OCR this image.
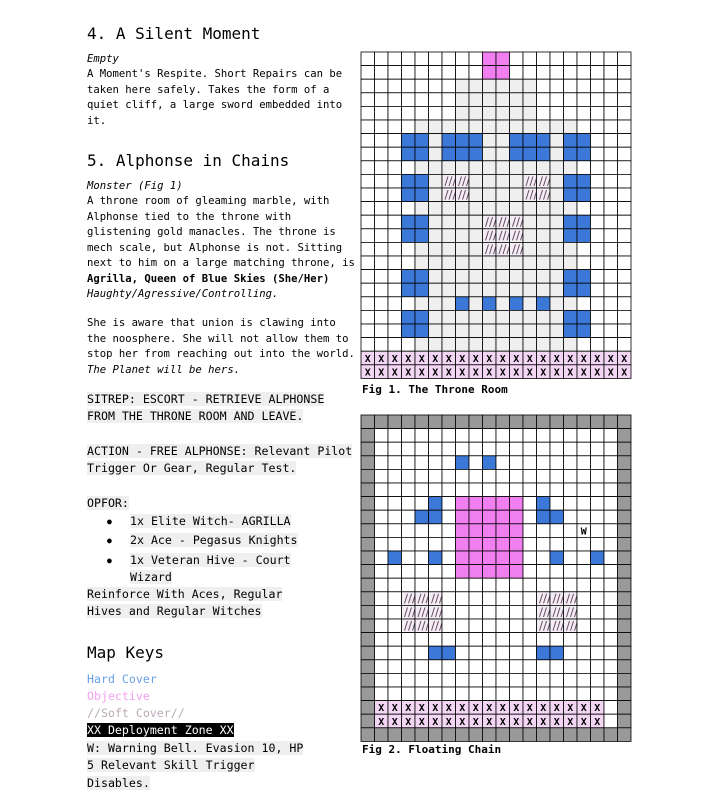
4. A Silent Moment
Empty
A Moment's Respite. Short Repairs can be taken here safely. Takes the form of a quiet cliff, a large sword embedded into it.
5. Alphonse in Chains
Monster (Fig 1)
A throne room of gleaming marble, with Alphonse tied to the throne with glistening gold manacles. The throne is mech scale, but Alphonse is not. Sitting next to him on a large matching throne, is Agrilla, Queen of Blue Skies (She/Her) Haughty/Agressive/Controlling.
She is aware that union is clawing into the noosphere. She will not allow them to stop her from reaching out into the world. The Planet will be hers.
SITREP: ESCORT - RETRIEVE ALPHONSE FROM THE THRONE ROOM AND LEAVE.
ACTION - FREE ALPHONSE: Relevant Pilot Trigger Or Gear, Regular Test.
OPFOR:
● 1x Elite Witch- AGRILLA
● 2x Ace - Pegasus Knights
● 1x Veteran Hive - Court Wizard
Reinforce With Aces, Regular Hives and Regular Witches
Map Keys
Hard Cover
Objective
//Soft Cover//
XX Deployment Zone XX
W: Warning Bell. Evasion 10, HP 5 Relevant Skill Trigger Disables.
X X X X X X X X X X X X X X X X X X X X
X X X X X X X X X X X X X X X X X X X X
Fig 1. The Throne Room
W
X X X X X X X X X X X X X X X X X
X X X X X X X X X X X X X X X X X
Fig 2. Floating Chain
